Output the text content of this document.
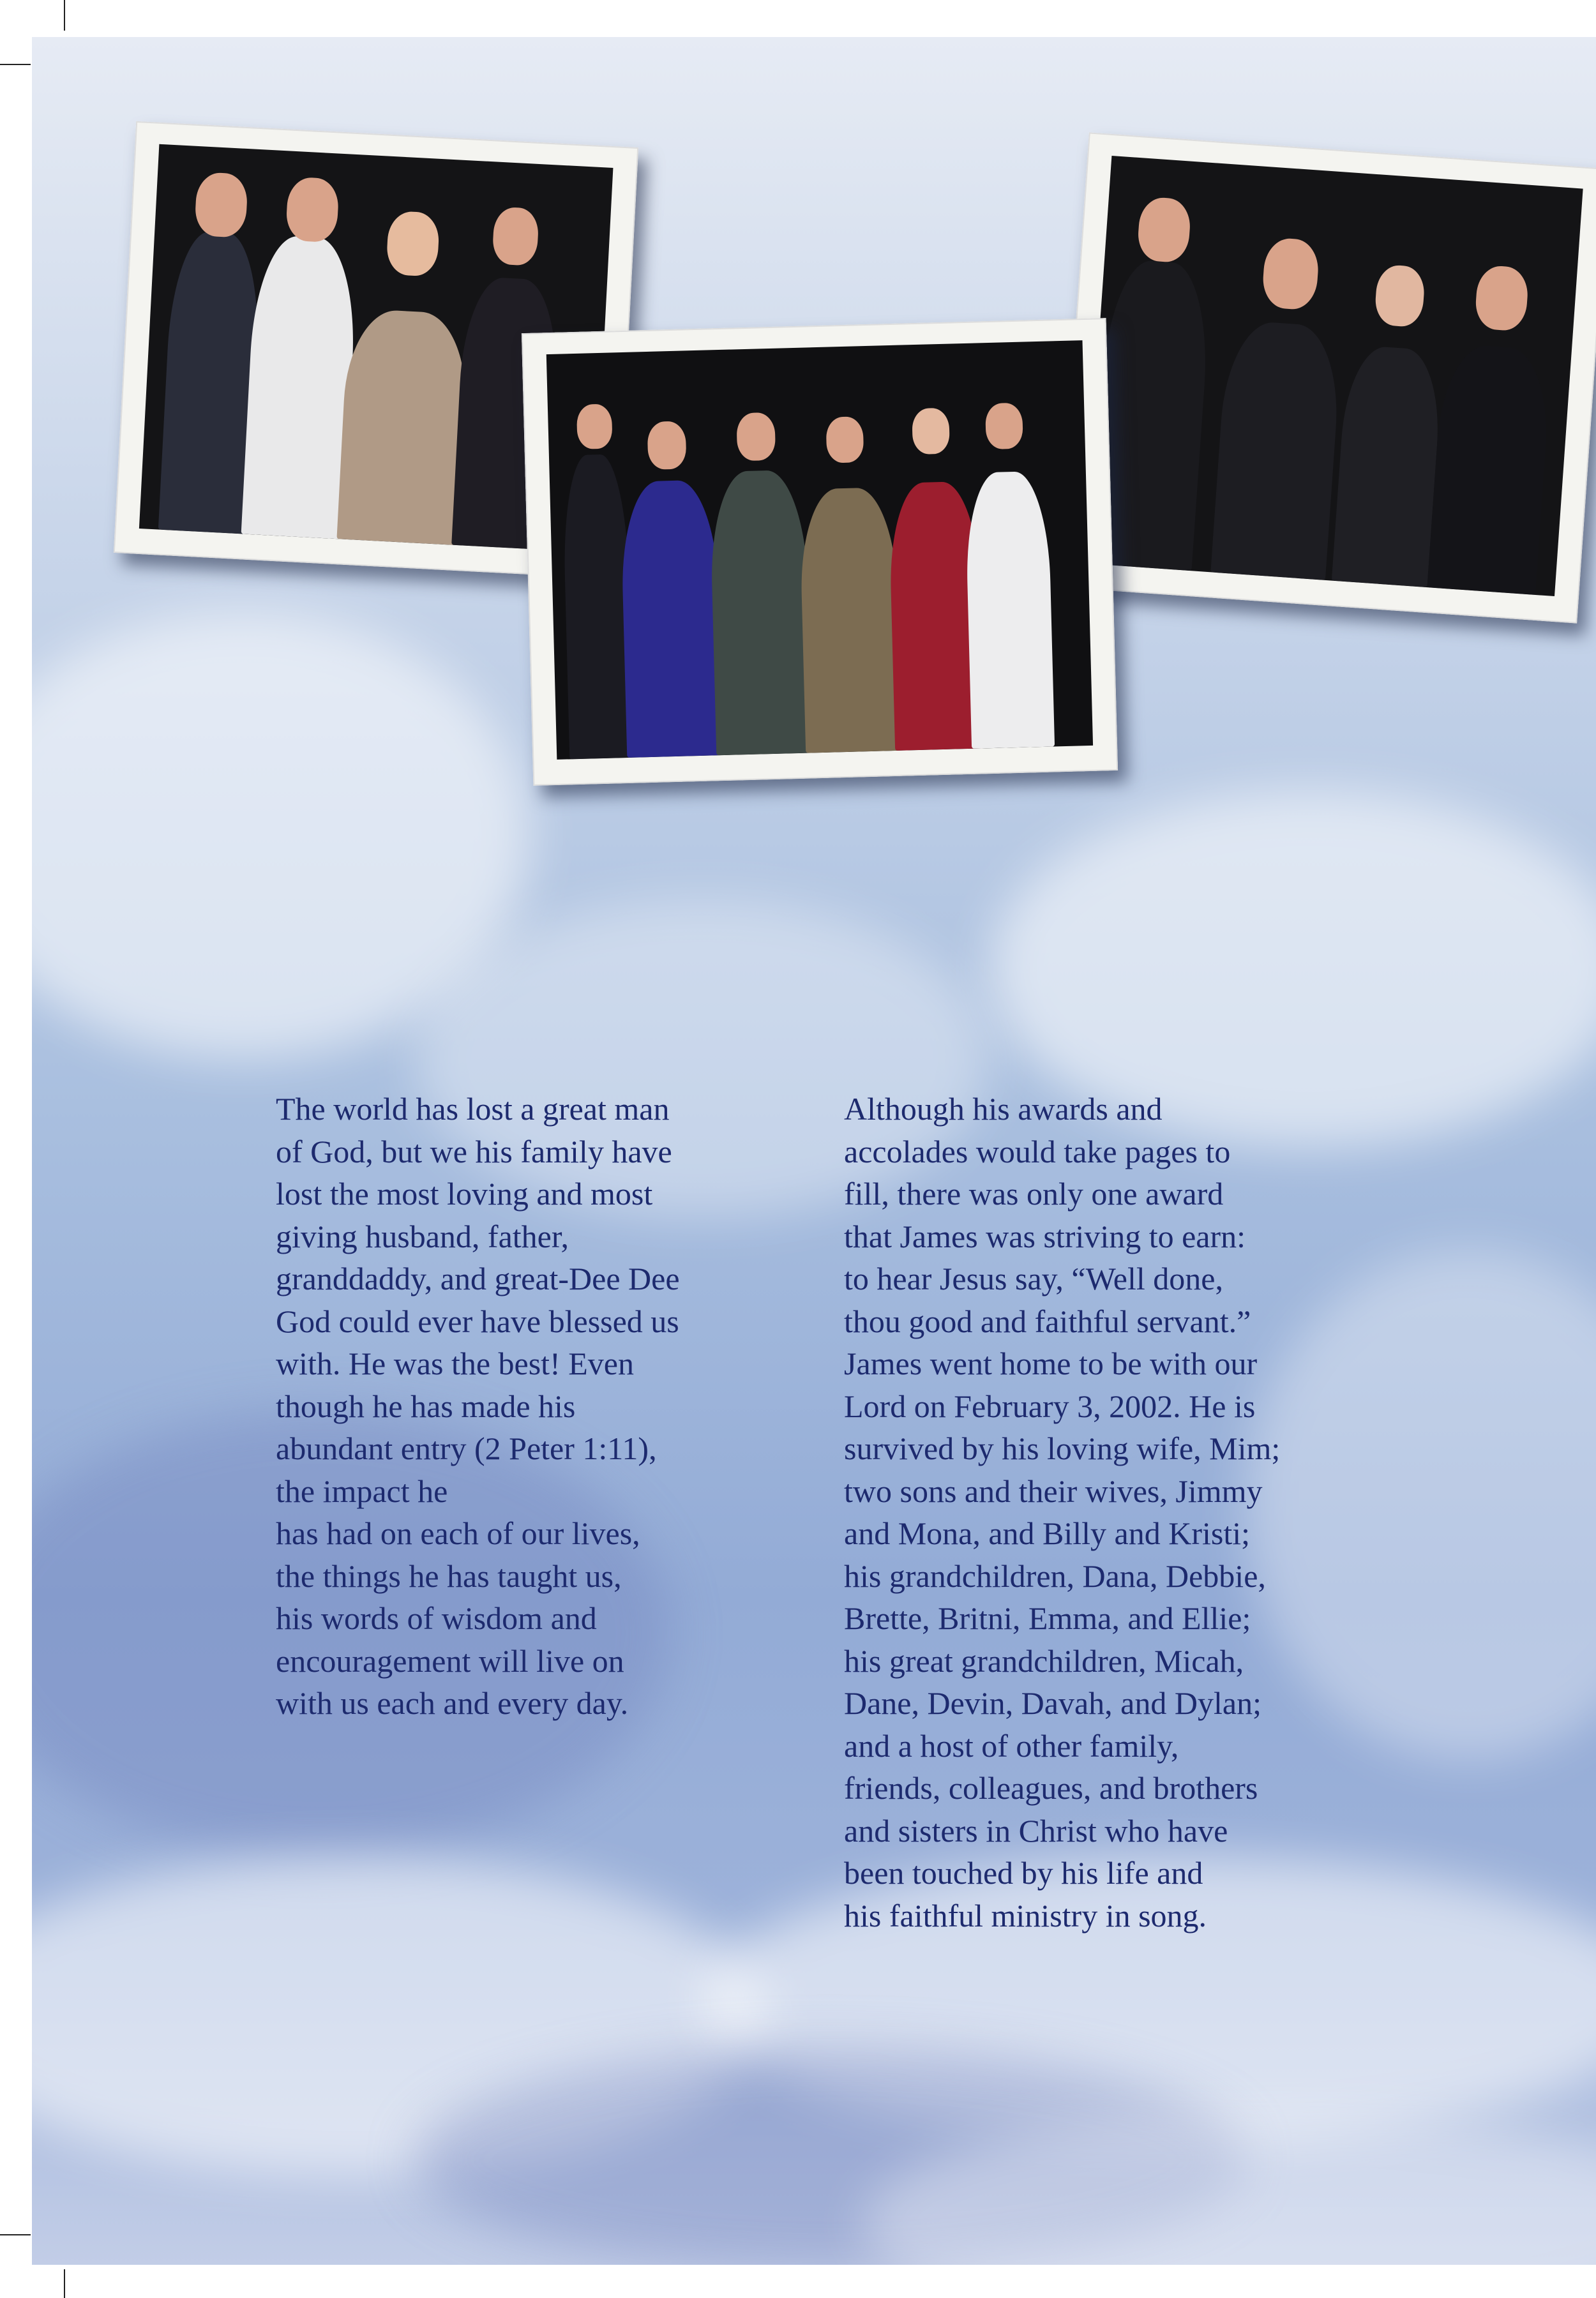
The world has lost a great man
of God, but we his family have
lost the most loving and most
giving husband, father,
granddaddy, and great-Dee Dee
God could ever have blessed us
with. He was the best! Even
though he has made his
abundant entry (2 Peter 1:11),
the impact he
has had on each of our lives,
the things he has taught us,
his words of wisdom and
encouragement will live on
with us each and every day.

Although his awards and
accolades would take pages to
fill, there was only one award
that James was striving to earn:
to hear Jesus say, “Well done,
thou good and faithful servant.”
James went home to be with our
Lord on February 3, 2002. He is
survived by his loving wife, Mim;
two sons and their wives, Jimmy
and Mona, and Billy and Kristi;
his grandchildren, Dana, Debbie,
Brette, Britni, Emma, and Ellie;
his great grandchildren, Micah,
Dane, Devin, Davah, and Dylan;
and a host of other family,
friends, colleagues, and brothers
and sisters in Christ who have
been touched by his life and
his faithful ministry in song.
